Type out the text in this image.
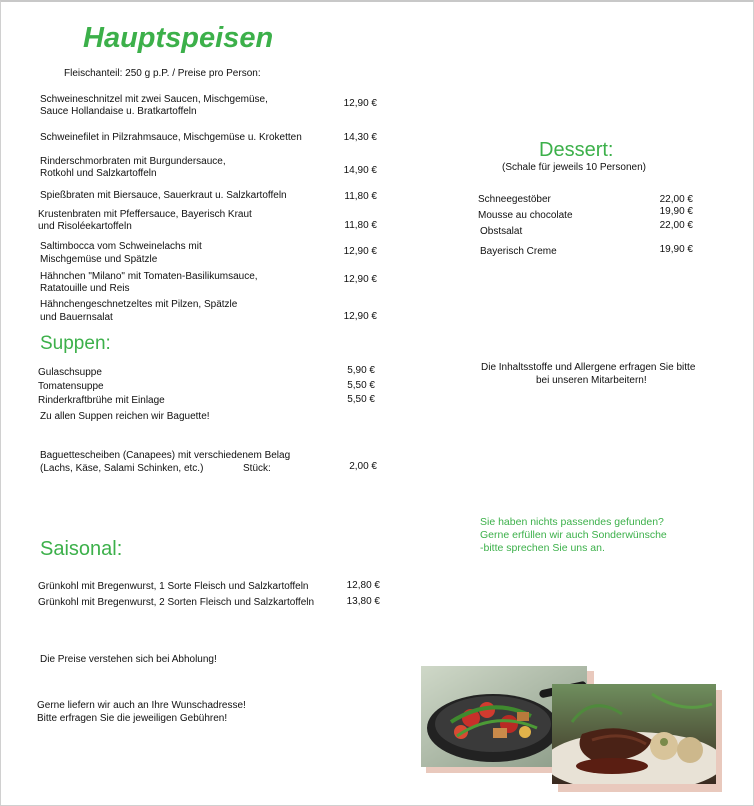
Hauptspeisen
Fleischanteil: 250 g p.P. / Preise pro Person:
Schweineschnitzel mit zwei Saucen, Mischgemüse,
Sauce Hollandaise u. Bratkartoffeln
12,90 €
Schweinefilet in Pilzrahmsauce, Mischgemüse u. Kroketten	14,30 €
Rinderschmorbraten mit Burgundersauce,
Rotkohl und Salzkartoffeln	14,90 €
Spießbraten mit Biersauce, Sauerkraut u. Salzkartoffeln	11,80 €
Krustenbraten mit Pfeffersauce, Bayerisch Kraut
und Risoléekartoffeln	11,80 €
Saltimbocca vom Schweinelachs mit
Mischgemüse und Spätzle
12,90 €
Hähnchen "Milano" mit Tomaten-Basilikumsauce,
Ratatouille und Reis
12,90 €
Hähnchengeschnetzeltes mit Pilzen, Spätzle
und Bauernsalat	12,90 €
Suppen:
Gulaschsuppe	5,90 €
Tomatensuppe	5,50 €
Rinderkraftbrühe mit Einlage	5,50 €
Zu allen Suppen reichen wir Baguette!
Baguettescheiben (Canapees) mit verschiedenem Belag
(Lachs, Käse, Salami Schinken, etc.)	Stück:	2,00 €
Saisonal:
Grünkohl mit Bregenwurst, 1 Sorte Fleisch und Salzkartoffeln	12,80 €
Grünkohl mit Bregenwurst, 2 Sorten Fleisch und Salzkartoffeln	13,80 €
Die Preise verstehen sich bei Abholung!
Gerne liefern wir auch an Ihre Wunschadresse!
Bitte erfragen Sie die jeweiligen Gebühren!
Dessert:
(Schale für jeweils 10 Personen)
Schneegestöber	22,00 €
Mousse au chocolate	19,90 €
Obstsalat
22,00 €
Bayerisch Creme	19,90 €
Die Inhaltsstoffe und Allergene erfragen Sie bitte
bei unseren Mitarbeitern!
Sie haben nichts passendes gefunden?
Gerne erfüllen wir auch Sonderwünsche
-bitte sprechen Sie uns an.
